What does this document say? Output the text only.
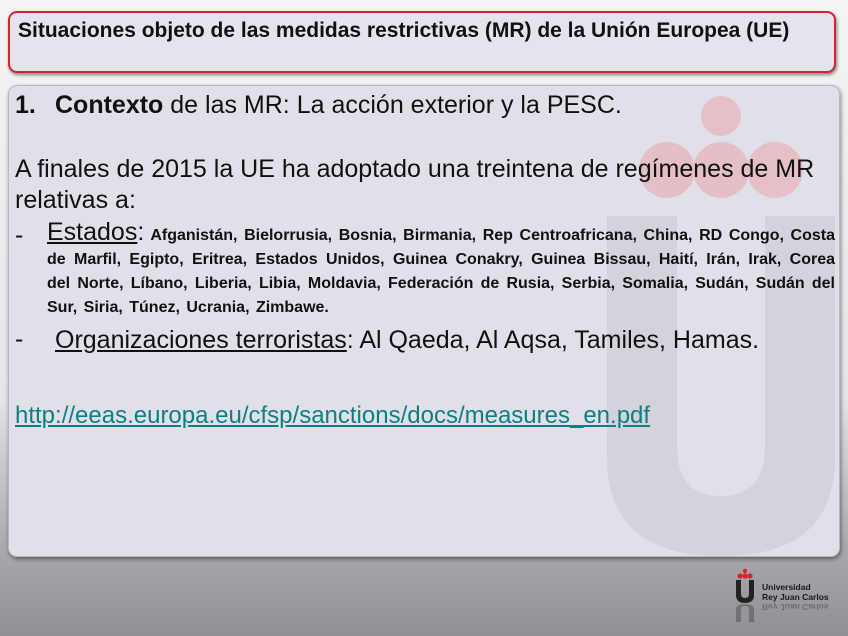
Situaciones objeto de las medidas restrictivas (MR) de la Unión Europea (UE)
1. Contexto de las MR: La acción exterior y la PESC.
A finales de 2015 la UE ha adoptado una treintena de regímenes de MR relativas a:
- Estados: Afganistán, Bielorrusia, Bosnia, Birmania, Rep Centroafricana, China, RD Congo, Costa de Marfil, Egipto, Eritrea, Estados Unidos, Guinea Conakry, Guinea Bissau, Haití, Irán, Irak, Corea del Norte, Líbano, Liberia, Libia, Moldavia, Federación de Rusia, Serbia, Somalia, Sudán, Sudán del Sur, Siria, Túnez, Ucrania, Zimbawe.
-	Organizaciones terroristas: Al Qaeda, Al Aqsa, Tamiles, Hamas.
http://eeas.europa.eu/cfsp/sanctions/docs/measures_en.pdf
Universidad
Rey Juan Carlos
Rey Juan Carlos
